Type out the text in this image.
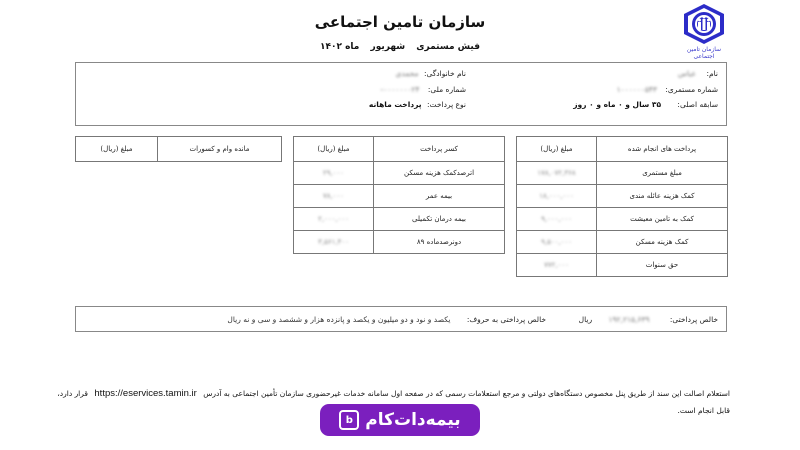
سازمان تامین اجتماعی
فیش مستمری شهریور ماه ۱۴۰۲	سازمان تامین اجتماعی
نام: عباس
شماره مستمری: ۱۰۰۰۰۰۰۵۴۳
سابقه اصلی: ۳۵ سال و ۰ ماه و ۰ روز
نام خانوادگی: محمدی
شماره ملی: ۰۰۰۰۰۰۰۲۴-
نوع پرداخت: پرداخت ماهانه
پرداخت های انجام شده	مبلغ (ریال)
مبلغ مستمری	۱۷۸,۰۷۲,۳۶۸
کمک هزینه عائله مندی	۱۸,۰۰۰,۰۰۰
کمک به تامین معیشت	۹,۰۰۰,۰۰۰
کمک هزینه مسکن	۹,۵۰۰,۰۰۰
حق سنوات	۷۷۲,۰۰۰
کسر پرداخت	مبلغ (ریال)
اترصدکمک هزینه مسکن	۲۹,۰۰۰
بیمه عمر	۷۸,۰۰۰
بیمه درمان تکمیلی	۲,۰۰۰,۰۰۰
دونرصدماده ۸۹	۳,۵۶۱,۴۰۰
مانده وام و کسورات	مبلغ (ریال)
خالص پرداختی: ۱۹۲,۲۱۵,۶۳۹ ریال
خالص پرداختی به حروف: یکصد و نود و دو میلیون و یکصد و پانزده هزار و ششصد و سی و نه ریال
استعلام اصالت این سند از طریق پنل مخصوص دستگاه‌های دولتی و مرجع استعلامات رسمی که در صفحه اول سامانه خدمات غیرحضوری سازمان تأمین اجتماعی به آدرس https://eservices.tamin.ir قرار دارد،
قابل انجام است.
بیمه‌دات‌کام
b
